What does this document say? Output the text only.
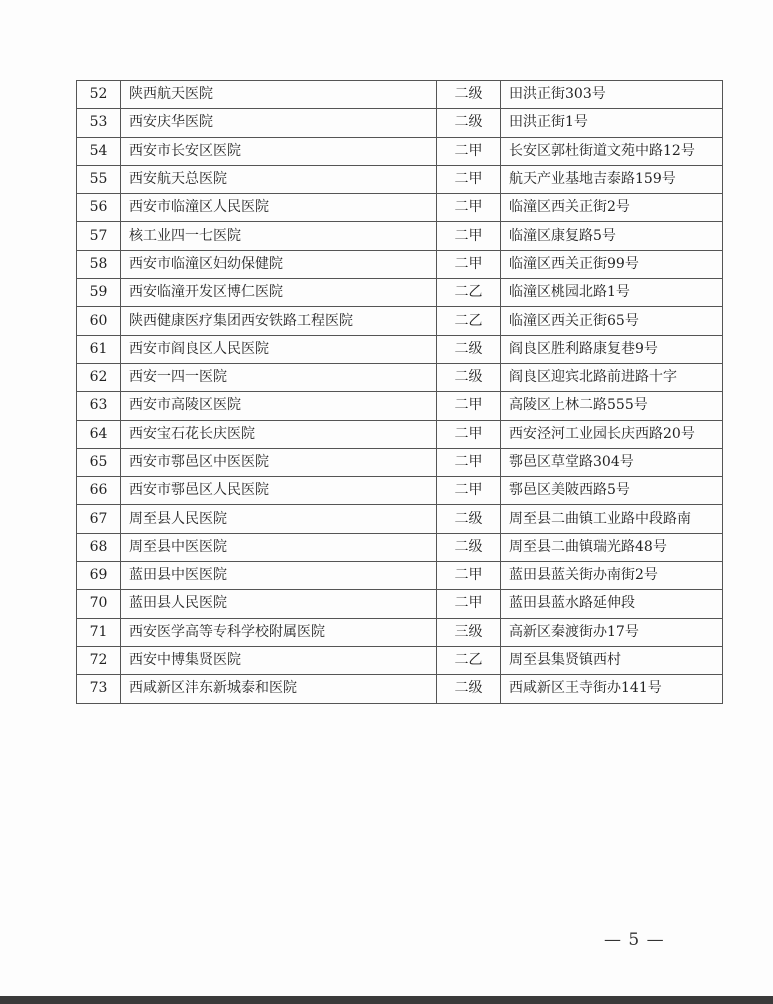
52	陕西航天医院	二级	田洪正街303号
53	西安庆华医院	二级	田洪正街1号
54	西安市长安区医院	二甲	长安区郭杜街道文苑中路12号
55	西安航天总医院	二甲	航天产业基地吉泰路159号
56	西安市临潼区人民医院	二甲	临潼区西关正街2号
57	核工业四一七医院	二甲	临潼区康复路5号
58	西安市临潼区妇幼保健院	二甲	临潼区西关正街99号
59	西安临潼开发区博仁医院	二乙	临潼区桃园北路1号
60	陕西健康医疗集团西安铁路工程医院	二乙	临潼区西关正街65号
61	西安市阎良区人民医院	二级	阎良区胜利路康复巷9号
62	西安一四一医院	二级	阎良区迎宾北路前进路十字
63	西安市高陵区医院	二甲	高陵区上林二路555号
64	西安宝石花长庆医院	二甲	西安泾河工业园长庆西路20号
65	西安市鄠邑区中医医院	二甲	鄠邑区草堂路304号
66	西安市鄠邑区人民医院	二甲	鄠邑区美陂西路5号
67	周至县人民医院	二级	周至县二曲镇工业路中段路南
68	周至县中医医院	二级	周至县二曲镇瑞光路48号
69	蓝田县中医医院	二甲	蓝田县蓝关街办南街2号
70	蓝田县人民医院	二甲	蓝田县蓝水路延伸段
71	西安医学高等专科学校附属医院	三级	高新区秦渡街办17号
72	西安中博集贤医院	二乙	周至县集贤镇西村
73	西咸新区沣东新城泰和医院	二级	西咸新区王寺街办141号
— 5 —
